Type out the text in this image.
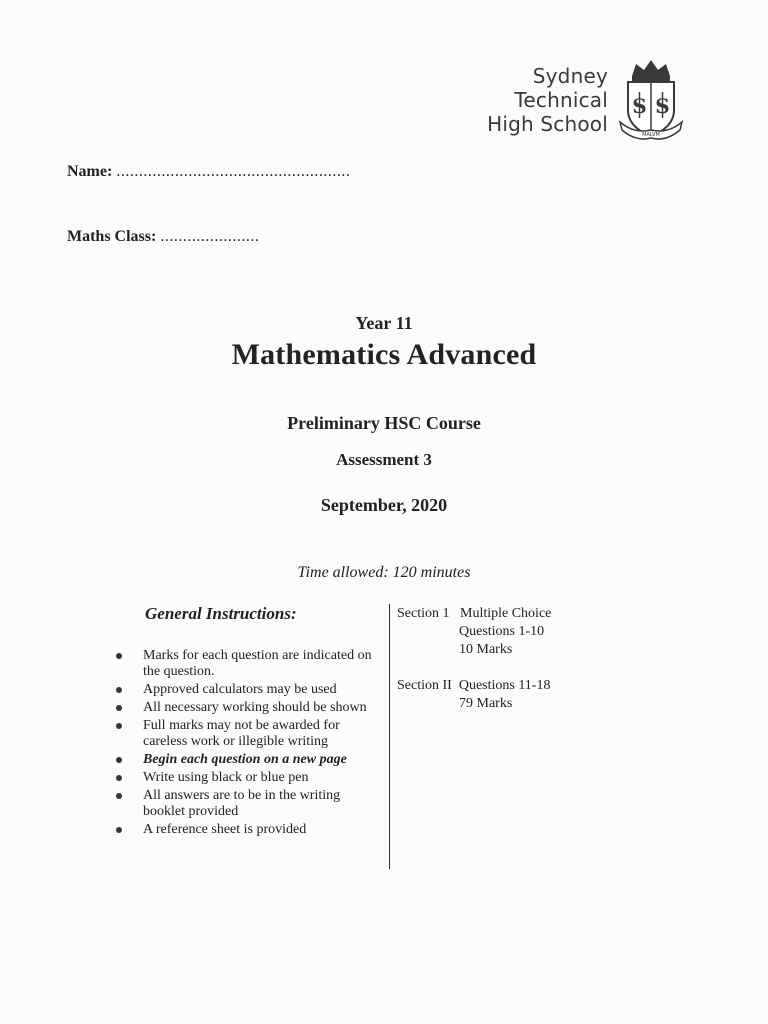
Sydney
Technical
High School
S S
MALVM
Name: ....................................................
Maths Class: ......................
Year 11
Mathematics Advanced
Preliminary HSC Course
Assessment 3
September, 2020
Time allowed: 120 minutes
General Instructions:
Marks for each question are indicated on the question.
Approved calculators may be used
All necessary working should be shown
Full marks may not be awarded for careless work or illegible writing
Begin each question on a new page
Write using black or blue pen
All answers are to be in the writing booklet provided
A reference sheet is provided
Section 1 Multiple Choice
Questions 1-10
10 Marks
Section II Questions 11-18
79 Marks
